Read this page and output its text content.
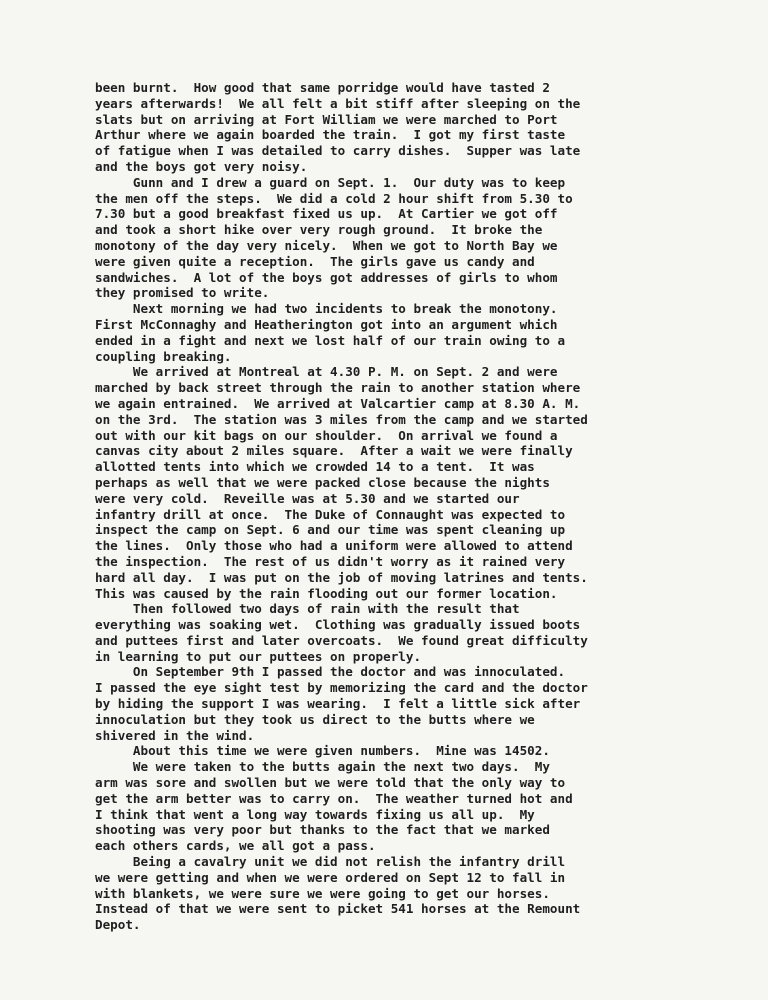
been burnt.  How good that same porridge would have tasted 2
years afterwards!  We all felt a bit stiff after sleeping on the
slats but on arriving at Fort William we were marched to Port
Arthur where we again boarded the train.  I got my first taste
of fatigue when I was detailed to carry dishes.  Supper was late
and the boys got very noisy.
Gunn and I drew a guard on Sept. 1.  Our duty was to keep
the men off the steps.  We did a cold 2 hour shift from 5.30 to
7.30 but a good breakfast fixed us up.  At Cartier we got off
and took a short hike over very rough ground.  It broke the
monotony of the day very nicely.  When we got to North Bay we
were given quite a reception.  The girls gave us candy and
sandwiches.  A lot of the boys got addresses of girls to whom
they promised to write.
Next morning we had two incidents to break the monotony.
First McConnaghy and Heatherington got into an argument which
ended in a fight and next we lost half of our train owing to a
coupling breaking.
We arrived at Montreal at 4.30 P. M. on Sept. 2 and were
marched by back street through the rain to another station where
we again entrained.  We arrived at Valcartier camp at 8.30 A. M.
on the 3rd.  The station was 3 miles from the camp and we started
out with our kit bags on our shoulder.  On arrival we found a
canvas city about 2 miles square.  After a wait we were finally
allotted tents into which we crowded 14 to a tent.  It was
perhaps as well that we were packed close because the nights
were very cold.  Reveille was at 5.30 and we started our
infantry drill at once.  The Duke of Connaught was expected to
inspect the camp on Sept. 6 and our time was spent cleaning up
the lines.  Only those who had a uniform were allowed to attend
the inspection.  The rest of us didn't worry as it rained very
hard all day.  I was put on the job of moving latrines and tents.
This was caused by the rain flooding out our former location.
Then followed two days of rain with the result that
everything was soaking wet.  Clothing was gradually issued boots
and puttees first and later overcoats.  We found great difficulty
in learning to put our puttees on properly.
On September 9th I passed the doctor and was innoculated.
I passed the eye sight test by memorizing the card and the doctor
by hiding the support I was wearing.  I felt a little sick after
innoculation but they took us direct to the butts where we
shivered in the wind.
About this time we were given numbers.  Mine was 14502.
We were taken to the butts again the next two days.  My
arm was sore and swollen but we were told that the only way to
get the arm better was to carry on.  The weather turned hot and
I think that went a long way towards fixing us all up.  My
shooting was very poor but thanks to the fact that we marked
each others cards, we all got a pass.
Being a cavalry unit we did not relish the infantry drill
we were getting and when we were ordered on Sept 12 to fall in
with blankets, we were sure we were going to get our horses.
Instead of that we were sent to picket 541 horses at the Remount
Depot.
